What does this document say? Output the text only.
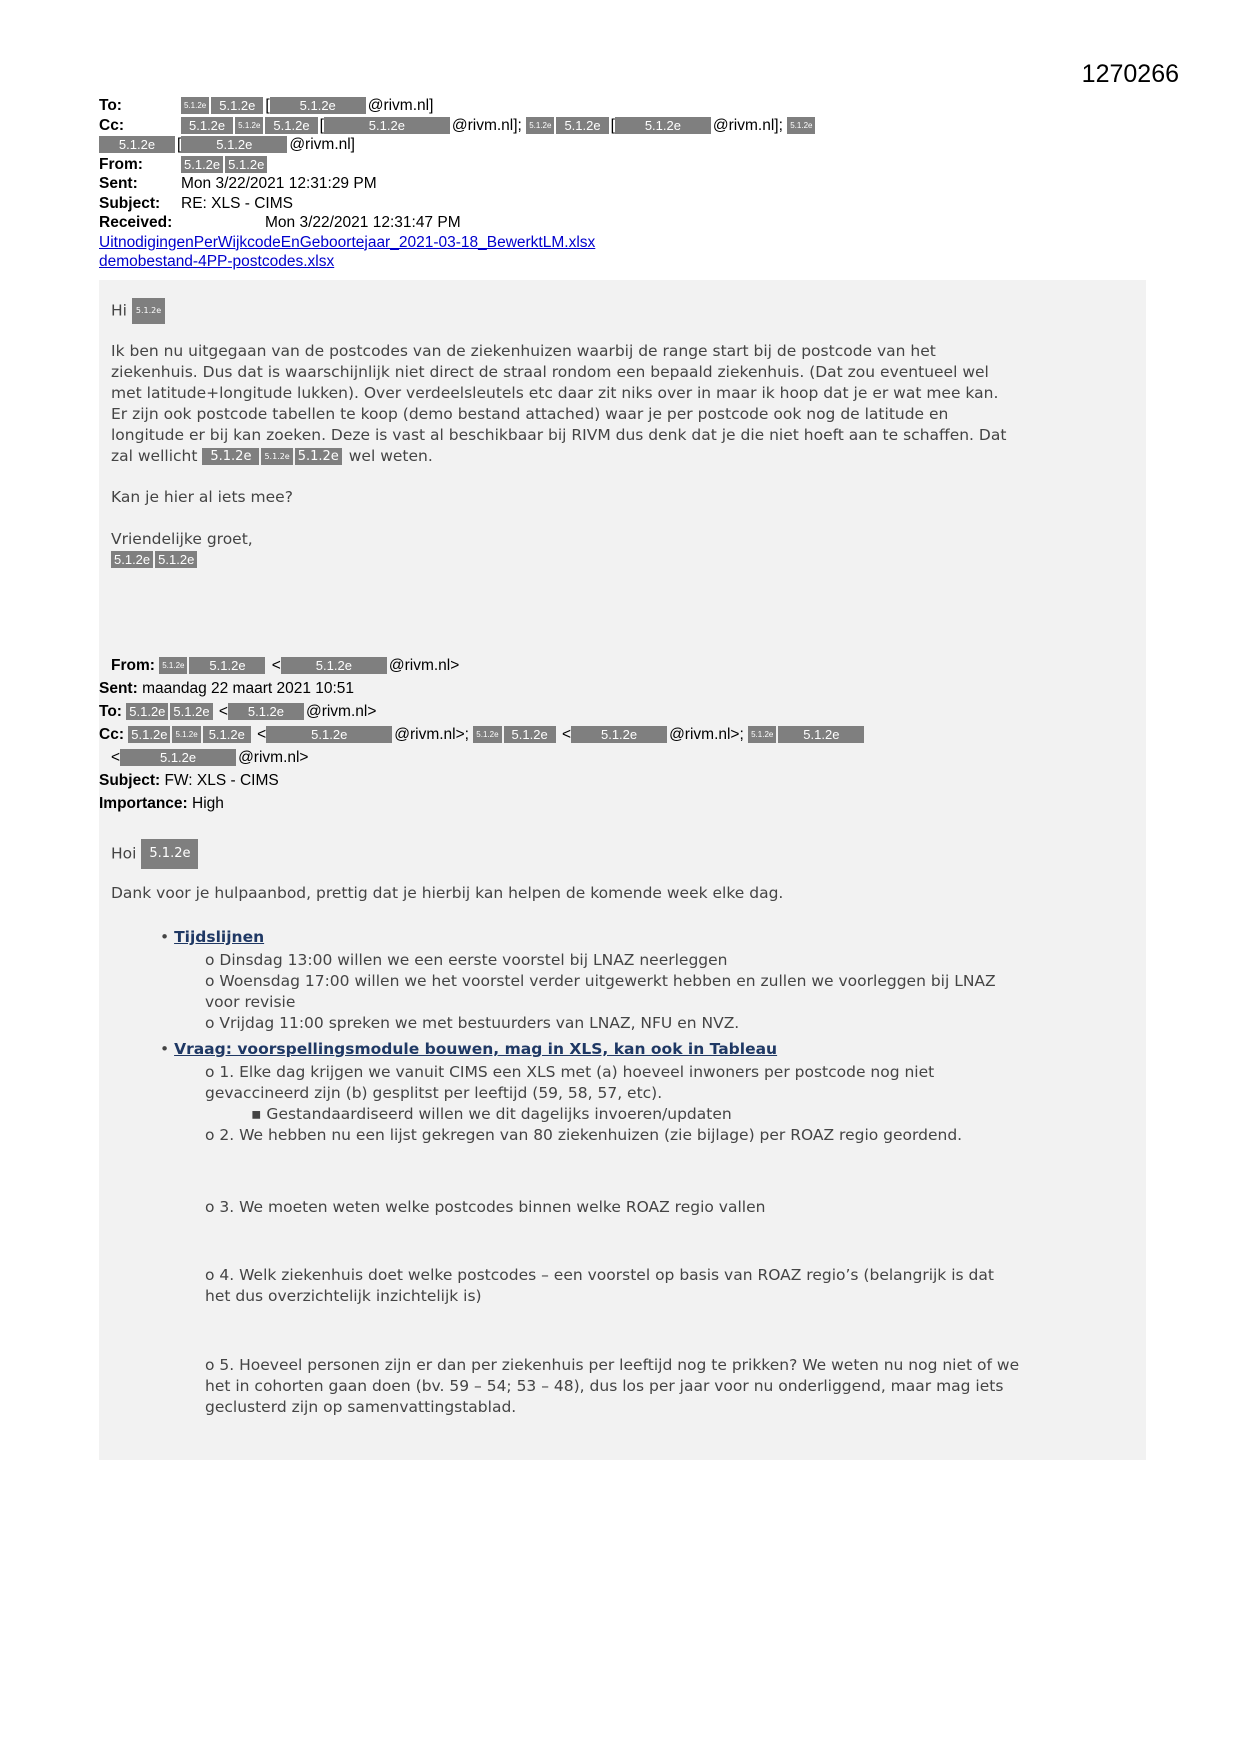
1270266
To:	5.1.2e 5.1.2e [ 5.1.2e @rivm.nl]
Cc:	5.1.2e 5.1.2e 5.1.2e [	5.1.2e	@rivm.nl]; 5.1.2e 5.1.2e [ 5.1.2e @rivm.nl]; 5.1.2e
5.1.2e [	5.1.2e @rivm.nl]
From:	5.1.2e 5.1.2e
Sent:	Mon 3/22/2021 12:31:29 PM
Subject: RE: XLS - CIMS
Received:	Mon 3/22/2021 12:31:47 PM
UitnodigingenPerWijkcodeEnGeboortejaar_2021-03-18_BewerktLM.xlsx
demobestand-4PP-postcodes.xlsx
Hi 5.1.2e
Ik ben nu uitgegaan van de postcodes van de ziekenhuizen waarbij de range start bij de postcode van het
ziekenhuis. Dus dat is waarschijnlijk niet direct de straal rondom een bepaald ziekenhuis. (Dat zou eventueel wel
met latitude+longitude lukken). Over verdeelsleutels etc daar zit niks over in maar ik hoop dat je er wat mee kan.
Er zijn ook postcode tabellen te koop (demo bestand attached) waar je per postcode ook nog de latitude en
longitude er bij kan zoeken. Deze is vast al beschikbaar bij RIVM dus denk dat je die niet hoeft aan te schaffen. Dat
zal wellicht 5.1.2e 5.1.2e 5.1.2e wel weten.
Kan je hier al iets mee?
Vriendelijke groet,
5.1.2e 5.1.2e
From: 5.1.2e 5.1.2e <	5.1.2e @rivm.nl>
Sent: maandag 22 maart 2021 10:51
To: 5.1.2e 5.1.2e < 5.1.2e @rivm.nl>
Cc: 5.1.2e 5.1.2e 5.1.2e <	5.1.2e	@rivm.nl>; 5.1.2e 5.1.2e < 5.1.2e @rivm.nl>; 5.1.2e 5.1.2e
<	5.1.2e	@rivm.nl>
Subject: FW: XLS - CIMS
Importance: High
Hoi 5.1.2e
Dank voor je hulpaanbod, prettig dat je hierbij kan helpen de komende week elke dag.
• Tijdslijnen
o Dinsdag 13:00 willen we een eerste voorstel bij LNAZ neerleggen
o Woensdag 17:00 willen we het voorstel verder uitgewerkt hebben en zullen we voorleggen bij LNAZ
voor revisie
o Vrijdag 11:00 spreken we met bestuurders van LNAZ, NFU en NVZ.
• Vraag: voorspellingsmodule bouwen, mag in XLS, kan ook in Tableau
o 1. Elke dag krijgen we vanuit CIMS een XLS met (a) hoeveel inwoners per postcode nog niet
gevaccineerd zijn (b) gesplitst per leeftijd (59, 58, 57, etc).
▪ Gestandaardiseerd willen we dit dagelijks invoeren/updaten
o 2. We hebben nu een lijst gekregen van 80 ziekenhuizen (zie bijlage) per ROAZ regio geordend.
o 3. We moeten weten welke postcodes binnen welke ROAZ regio vallen
o 4. Welk ziekenhuis doet welke postcodes – een voorstel op basis van ROAZ regio’s (belangrijk is dat
het dus overzichtelijk inzichtelijk is)
o 5. Hoeveel personen zijn er dan per ziekenhuis per leeftijd nog te prikken? We weten nu nog niet of we
het in cohorten gaan doen (bv. 59 – 54; 53 – 48), dus los per jaar voor nu onderliggend, maar mag iets
geclusterd zijn op samenvattingstablad.
